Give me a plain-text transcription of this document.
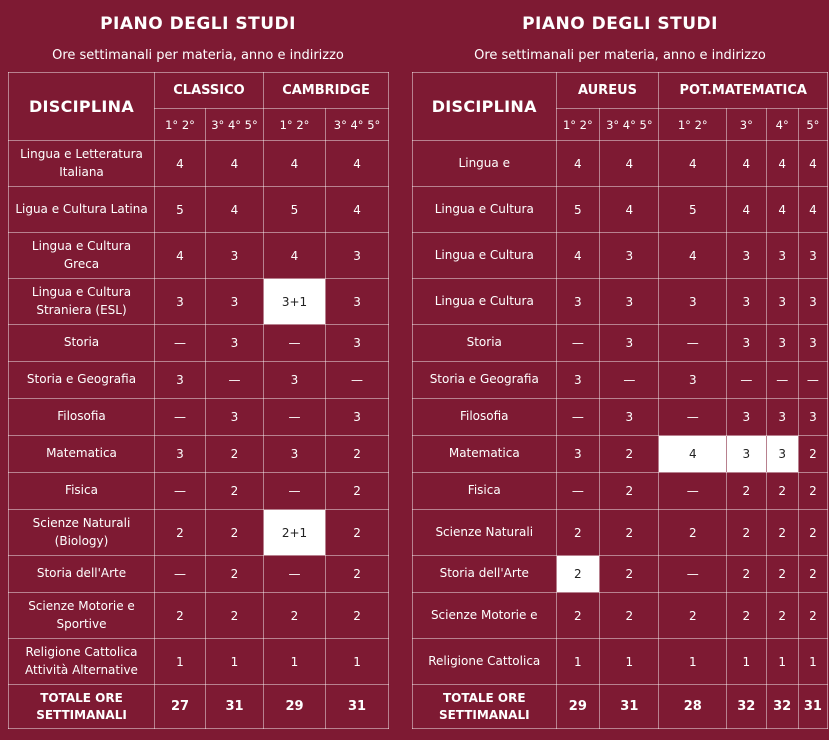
PIANO DEGLI STUDI
Ore settimanali per materia, anno e indirizzo
DISCIPLINA	CLASSICO		CAMBRIDGE	
	1° 2°	3° 4° 5°	1° 2°	3° 4° 5°
Lingua e Letteratura Italiana	4	4	4	4
Ligua e Cultura Latina	5	4	5	4
Lingua e Cultura Greca	4	3	4	3
Lingua e Cultura Straniera (ESL)	3	3	3+1	3
Storia	—	3	—	3
Storia e Geografia	3	—	3	—
Filosofia	—	3	—	3
Matematica	3	2	3	2
Fisica	—	2	—	2
Scienze Naturali (Biology)	2	2	2+1	2
Storia dell'Arte	—	2	—	2
Scienze Motorie e Sportive	2	2	2	2
Religione Cattolica Attività Alternative	1	1	1	1
TOTALE ORE SETTIMANALI	27	31	29	31
PIANO DEGLI STUDI
Ore settimanali per materia, anno e indirizzo
DISCIPLINA	AUREUS		POT.MATEMATICA			
	1° 2°	3° 4° 5°	1° 2°	3°	4°	5°
Lingua e	4	4	4	4	4	4
Lingua e Cultura	5	4	5	4	4	4
Lingua e Cultura	4	3	4	3	3	3
Lingua e Cultura	3	3	3	3	3	3
Storia	—	3	—	3	3	3
Storia e Geografia	3	—	3	—	—	—
Filosofia	—	3	—	3	3	3
Matematica	3	2	4	3	3	2
Fisica	—	2	—	2	2	2
Scienze Naturali	2	2	2	2	2	2
Storia dell'Arte	2	2	—	2	2	2
Scienze Motorie e	2	2	2	2	2	2
Religione Cattolica	1	1	1	1	1	1
TOTALE ORE SETTIMANALI	29	31	28	32	32	31
